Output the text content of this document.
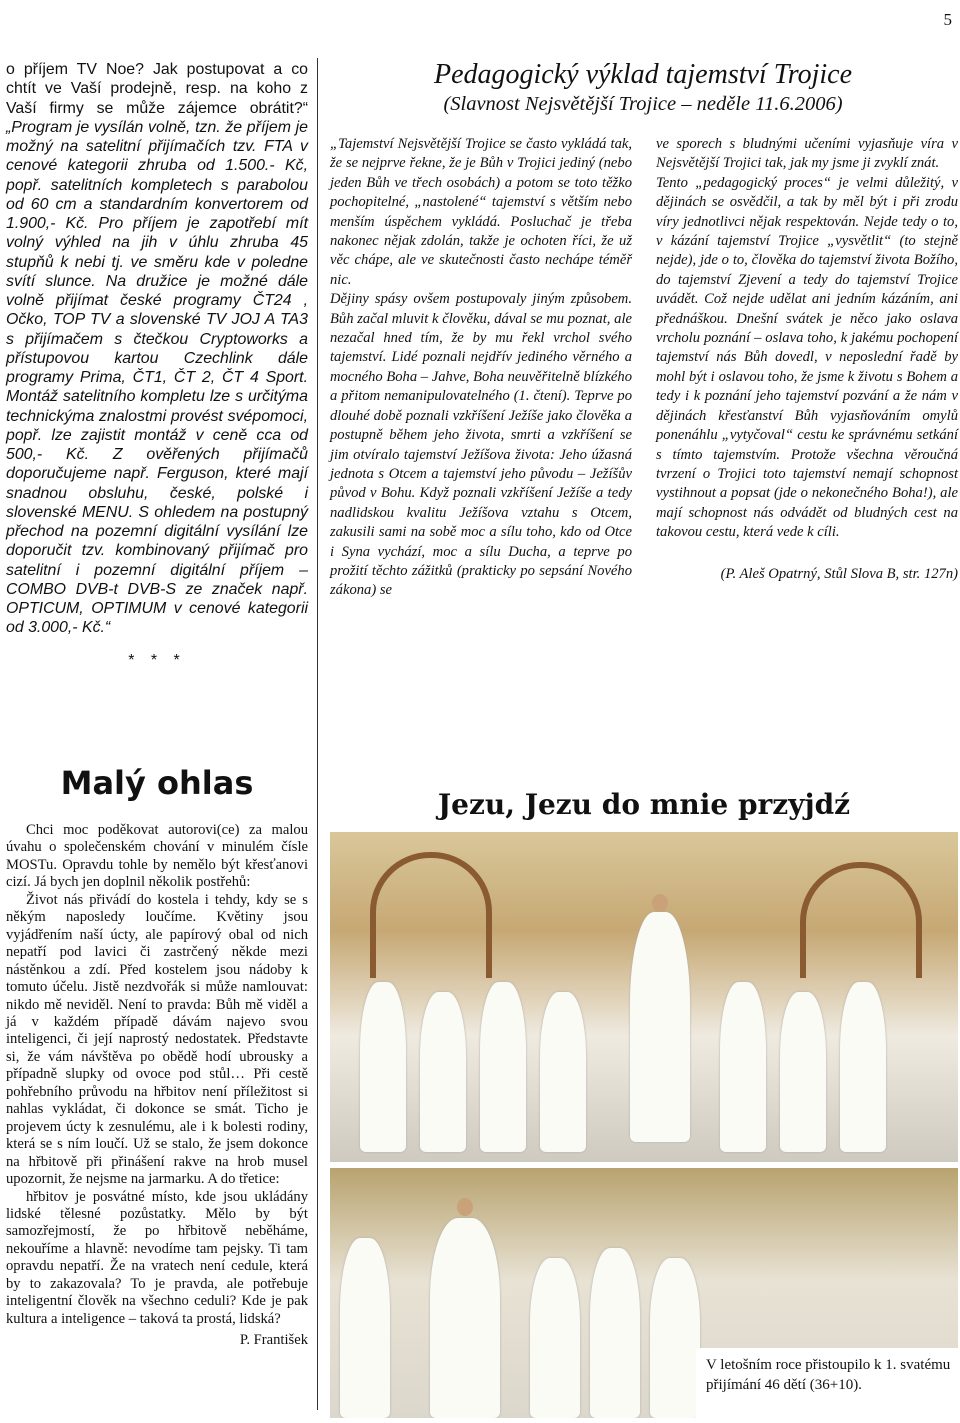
5

o příjem TV Noe? Jak postupovat a co chtít ve Vaší prodejně, resp. na koho z Vaší firmy se může zájemce obrátit?“ „Program je vysílán volně, tzn. že příjem je možný na satelitní přijímačích tzv. FTA v cenové kategorii zhruba od 1.500.- Kč, popř. satelitních kompletech s parabolou od 60 cm a standardním konvertorem od 1.900,- Kč. Pro příjem je zapotřebí mít volný výhled na jih v úhlu zhruba 45 stupňů k nebi tj. ve směru kde v poledne svítí slunce. Na družice je možné dále volně přijímat české programy ČT24 , Očko, TOP TV a slovenské TV JOJ A TA3 s přijímačem s čtečkou Cryptoworks a přístupovou kartou Czechlink dále programy Prima, ČT1, ČT 2, ČT 4 Sport. Montáž satelitního kompletu lze s určitýma technickýma znalostmi provést svépomoci, popř. lze zajistit montáž v ceně cca od 500,- Kč. Z ověřených přijímačů doporučujeme např. Ferguson, které mají snadnou obsluhu, české, polské i slovenské MENU. S ohledem na postupný přechod na pozemní digitální vysílání lze doporučit tzv. kombinovaný přijímač pro satelitní i pozemní digitální příjem – COMBO DVB-t DVB-S ze značek např. OPTICUM, OPTIMUM v cenové kategorii od 3.000,- Kč.“

* * *
Malý ohlas

Chci moc poděkovat autorovi(ce) za malou úvahu o společenském chování v minulém čísle MOSTu. Opravdu tohle by nemělo být křesťanovi cizí. Já bych jen doplnil několik postřehů:

Život nás přivádí do kostela i tehdy, kdy se s někým naposledy loučíme. Květiny jsou vyjádřením naší úcty, ale papírový obal od nich nepatří pod lavici či zastrčený někde mezi nástěnkou a zdí. Před kostelem jsou nádoby k tomuto účelu. Jistě nezdvořák si může namlouvat: nikdo mě neviděl. Není to pravda: Bůh mě viděl a já v každém případě dávám najevo svou inteligenci, či její naprostý nedostatek. Představte si, že vám návštěva po obědě hodí ubrousky a případně slupky od ovoce pod stůl… Při cestě pohřebního průvodu na hřbitov není příležitost si nahlas vykládat, či dokonce se smát. Ticho je projevem úcty k zesnulému, ale i k bolesti rodiny, která se s ním loučí. Už se stalo, že jsem dokonce na hřbitově při přinášení rakve na hrob musel upozornit, že nejsme na jarmarku. A do třetice:

hřbitov je posvátné místo, kde jsou ukládány lidské tělesné pozůstatky. Mělo by být samozřejmostí, že po hřbitově neběháme, nekouříme a hlavně: nevodíme tam pejsky. Ti tam opravdu nepatří. Že na vratech není cedule, která by to zakazovala? To je pravda, ale potřebuje inteligentní člověk na všechno ceduli? Kde je pak kultura a inteligence – taková ta prostá, lidská?

P. František

Pedagogický výklad tajemství Trojice
(Slavnost Nejsvětější Trojice – neděle 11.6.2006)

„Tajemství Nejsvětější Trojice se často vykládá tak, že se nejprve řekne, že je Bůh v Trojici jediný (nebo jeden Bůh ve třech osobách) a potom se toto těžko pochopitelné, „nastolené“ tajemství s větším nebo menším úspěchem vykládá. Posluchač je třeba nakonec nějak zdolán, takže je ochoten říci, že už věc chápe, ale ve skutečnosti často nechápe téměř nic.

Dějiny spásy ovšem postupovaly jiným způsobem. Bůh začal mluvit k člověku, dával se mu poznat, ale nezačal hned tím, že by mu řekl vrchol svého tajemství. Lidé poznali nejdřív jediného věrného a mocného Boha – Jahve, Boha neuvěřitelně blízkého a přitom nemanipulovatelného (1. čtení). Teprve po dlouhé době poznali vzkříšení Ježíše jako člověka a postupně během jeho života, smrti a vzkříšení se jim otvíralo tajemství Ježíšova života: Jeho úžasná jednota s Otcem a tajemství jeho původu – Ježíšův původ v Bohu. Když poznali vzkříšení Ježíše a tedy nadlidskou kvalitu Ježíšova vztahu s Otcem, zakusili sami na sobě moc a sílu toho, kdo od Otce i Syna vychází, moc a sílu Ducha, a teprve po prožití těchto zážitků (prakticky po sepsání Nového zákona) se

ve sporech s bludnými učeními vyjasňuje víra v Nejsvětější Trojici tak, jak my jsme ji zvyklí znát.

Tento „pedagogický proces“ je velmi důležitý, v dějinách se osvědčil, a tak by měl být i při zrodu víry jednotlivci nějak respektován. Nejde tedy o to, v kázání tajemství Trojice „vysvětlit“ (to stejně nejde), jde o to, člověka do tajemství života Božího, do tajemství Zjevení a tedy do tajemství Trojice uvádět. Což nejde udělat ani jedním kázáním, ani přednáškou. Dnešní svátek je něco jako oslava vrcholu poznání – oslava toho, k jakému pochopení tajemství nás Bůh dovedl, v neposlední řadě by mohl být i oslavou toho, že jsme k životu s Bohem a tedy i k poznání jeho tajemství pozvání a že nám v dějinách křesťanství Bůh vyjasňováním omylů ponenáhlu „vytyčoval“ cestu ke správnému setkání s tímto tajemstvím. Protože všechna věroučná tvrzení o Trojici toto tajemství nemají schopnost vystihnout a popsat (jde o nekonečného Boha!), ale mají schopnost nás odvádět od bludných cest na takovou cestu, která vede k cíli.

(P. Aleš Opatrný, Stůl Slova B, str. 127n)

Jezu, Jezu do mnie przyjdź
V letošním roce přistoupilo k 1. svatému přijímání 46 dětí (36+10).
